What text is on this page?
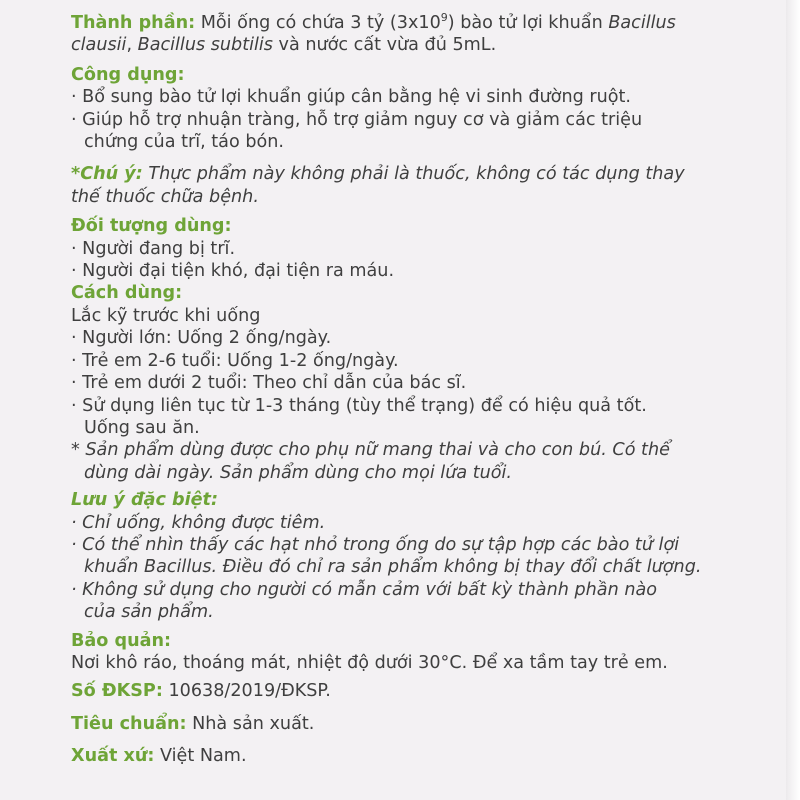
Thành phần: Mỗi ống có chứa 3 tỷ $(3x10^9)$ bào tử lợi khuẩn Bacillus
clausii, Bacillus subtilis và nước cất vừa đủ 5mL.
Công dụng:
· Bổ sung bào tử lợi khuẩn giúp cân bằng hệ vi sinh đường ruột.
· Giúp hỗ trợ nhuận tràng, hỗ trợ giảm nguy cơ và giảm các triệu
chứng của trĩ, táo bón.
*Chú ý: Thực phẩm này không phải là thuốc, không có tác dụng thay
thế thuốc chữa bệnh.
Đối tượng dùng:
· Người đang bị trĩ.
· Người đại tiện khó, đại tiện ra máu.
Cách dùng:
Lắc kỹ trước khi uống
· Người lớn: Uống 2 ống/ngày.
· Trẻ em 2-6 tuổi: Uống 1-2 ống/ngày.
· Trẻ em dưới 2 tuổi: Theo chỉ dẫn của bác sĩ.
· Sử dụng liên tục từ 1-3 tháng (tùy thể trạng) để có hiệu quả tốt.
Uống sau ăn.
* Sản phẩm dùng được cho phụ nữ mang thai và cho con bú. Có thể
dùng dài ngày. Sản phẩm dùng cho mọi lứa tuổi.
Lưu ý đặc biệt:
· Chỉ uống, không được tiêm.
· Có thể nhìn thấy các hạt nhỏ trong ống do sự tập hợp các bào tử lợi
khuẩn Bacillus. Điều đó chỉ ra sản phẩm không bị thay đổi chất lượng.
· Không sử dụng cho người có mẫn cảm với bất kỳ thành phần nào
của sản phẩm.
Bảo quản:
Nơi khô ráo, thoáng mát, nhiệt độ dưới 30°C. Để xa tầm tay trẻ em.
Số ĐKSP: 10638/2019/ĐKSP.
Tiêu chuẩn: Nhà sản xuất.
Xuất xứ: Việt Nam.
